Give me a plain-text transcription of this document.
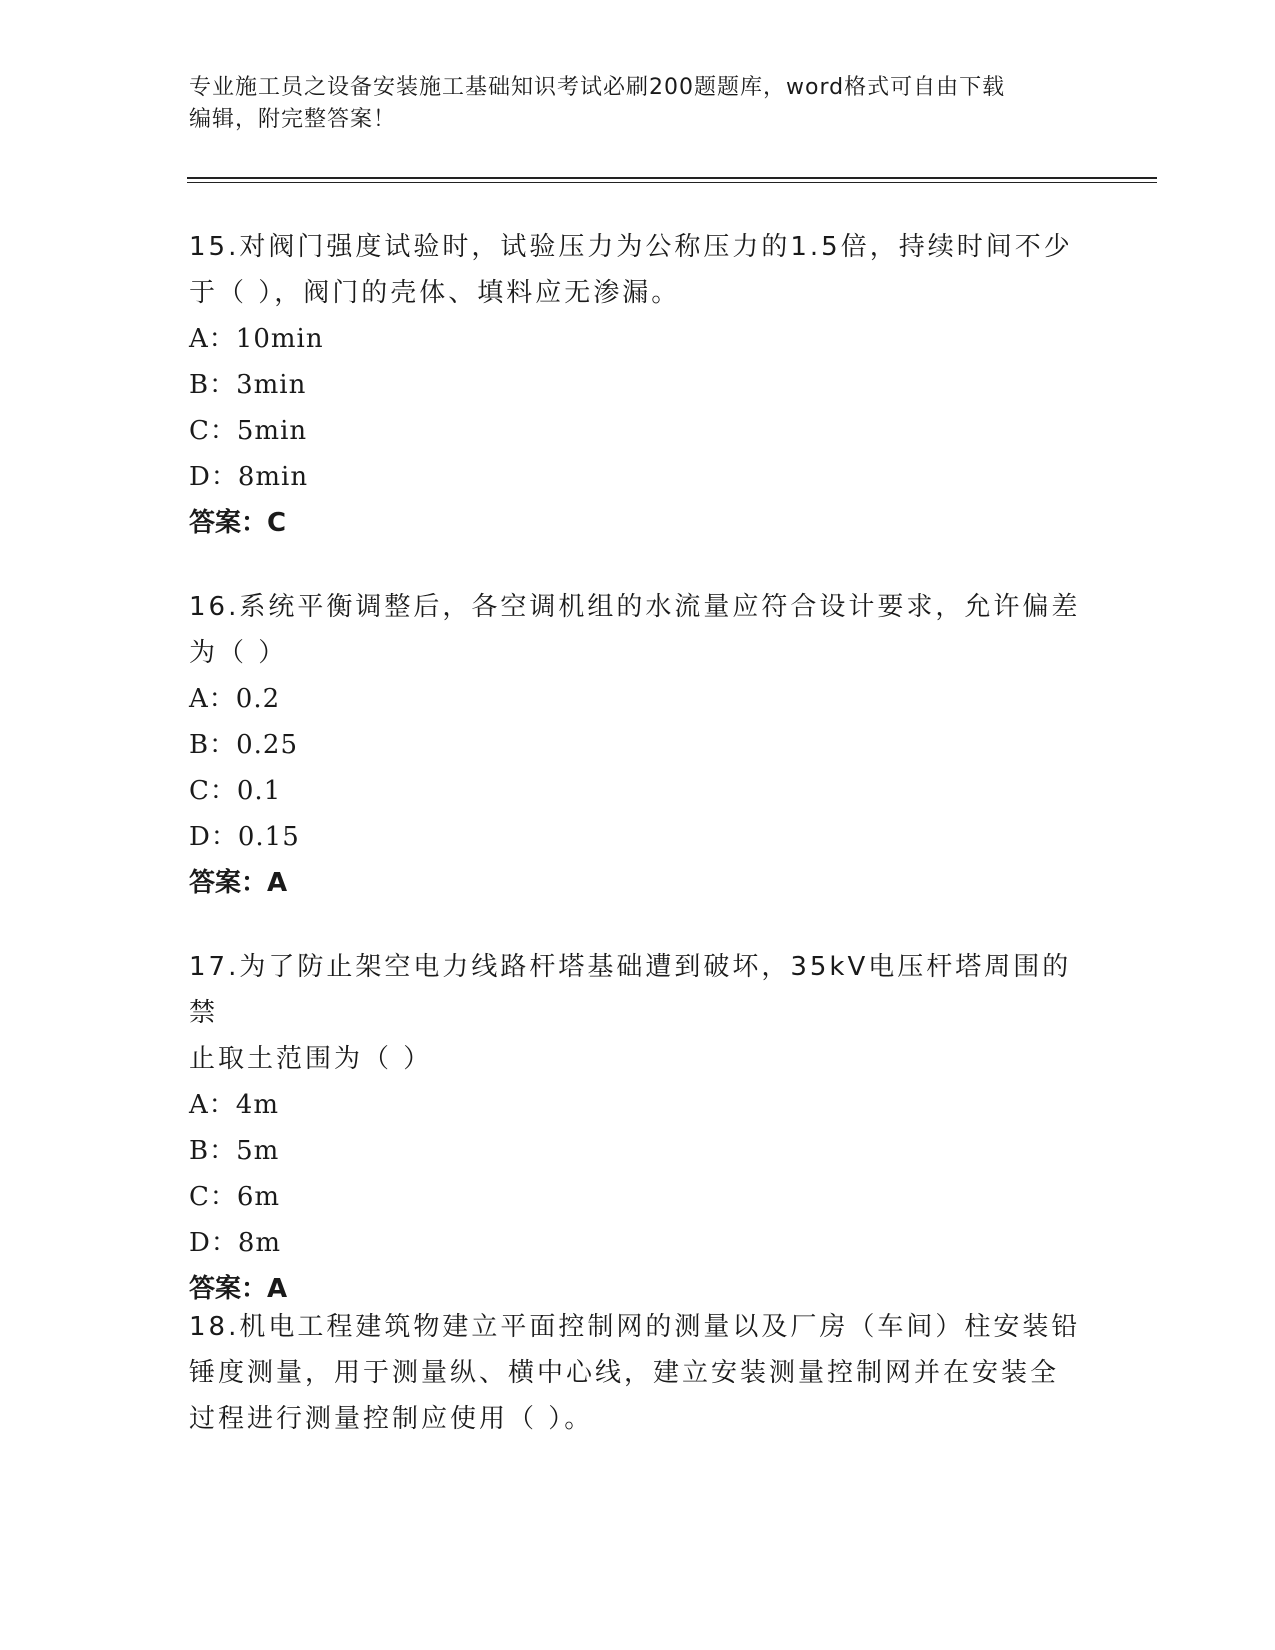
专业施工员之设备安装施工基础知识考试必刷200题题库，word格式可自由下载
编辑，附完整答案！
15.对阀门强度试验时，试验压力为公称压力的1.5倍，持续时间不少
于（ ），阀门的壳体、填料应无渗漏。
A：10min
B：3min
C：5min
D：8min
答案：C
16.系统平衡调整后，各空调机组的水流量应符合设计要求，允许偏差
为（ ）
A：0.2
B：0.25
C：0.1
D：0.15
答案：A
17.为了防止架空电力线路杆塔基础遭到破坏，35kV电压杆塔周围的禁
止取土范围为（ ）
A：4m
B：5m
C：6m
D：8m
答案：A
18.机电工程建筑物建立平面控制网的测量以及厂房（车间）柱安装铅
锤度测量，用于测量纵、横中心线，建立安装测量控制网并在安装全
过程进行测量控制应使用（ ）。
